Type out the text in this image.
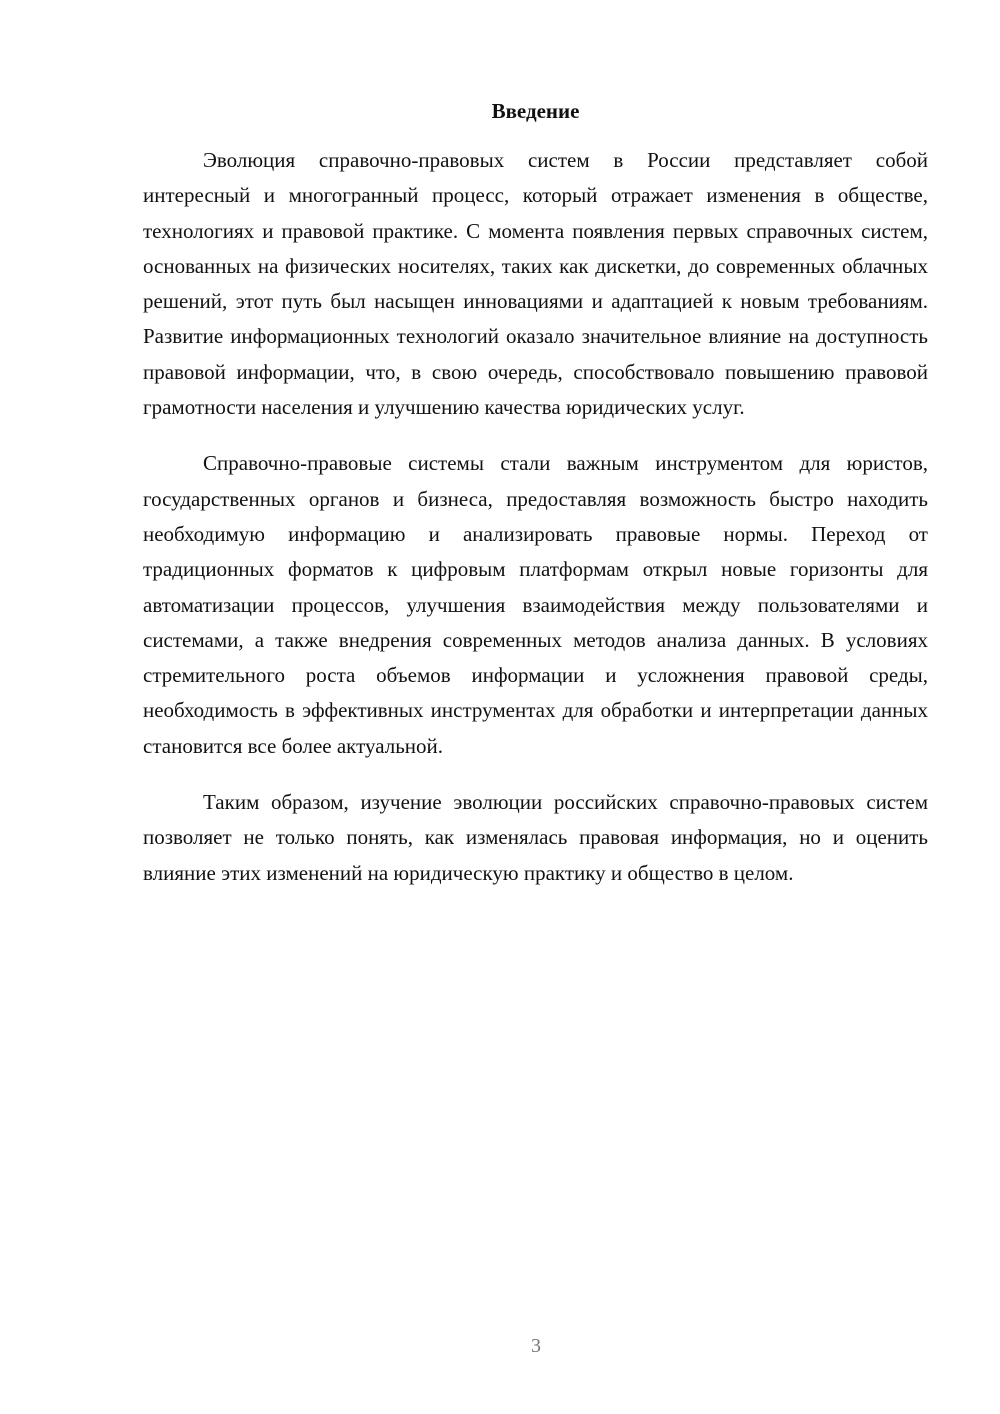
Введение

Эволюция справочно-правовых систем в России представляет собой интересный и многогранный процесс, который отражает изменения в обществе, технологиях и правовой практике. С момента появления первых справочных систем, основанных на физических носителях, таких как дискетки, до современных облачных решений, этот путь был насыщен инновациями и адаптацией к новым требованиям. Развитие информационных технологий оказало значительное влияние на доступность правовой информации, что, в свою очередь, способствовало повышению правовой грамотности населения и улучшению качества юридических услуг.

Справочно-правовые системы стали важным инструментом для юристов, государственных органов и бизнеса, предоставляя возможность быстро находить необходимую информацию и анализировать правовые нормы. Переход от традиционных форматов к цифровым платформам открыл новые горизонты для автоматизации процессов, улучшения взаимодействия между пользователями и системами, а также внедрения современных методов анализа данных. В условиях стремительного роста объемов информации и усложнения правовой среды, необходимость в эффективных инструментах для обработки и интерпретации данных становится все более актуальной.

Таким образом, изучение эволюции российских справочно-правовых систем позволяет не только понять, как изменялась правовая информация, но и оценить влияние этих изменений на юридическую практику и общество в целом.

3
